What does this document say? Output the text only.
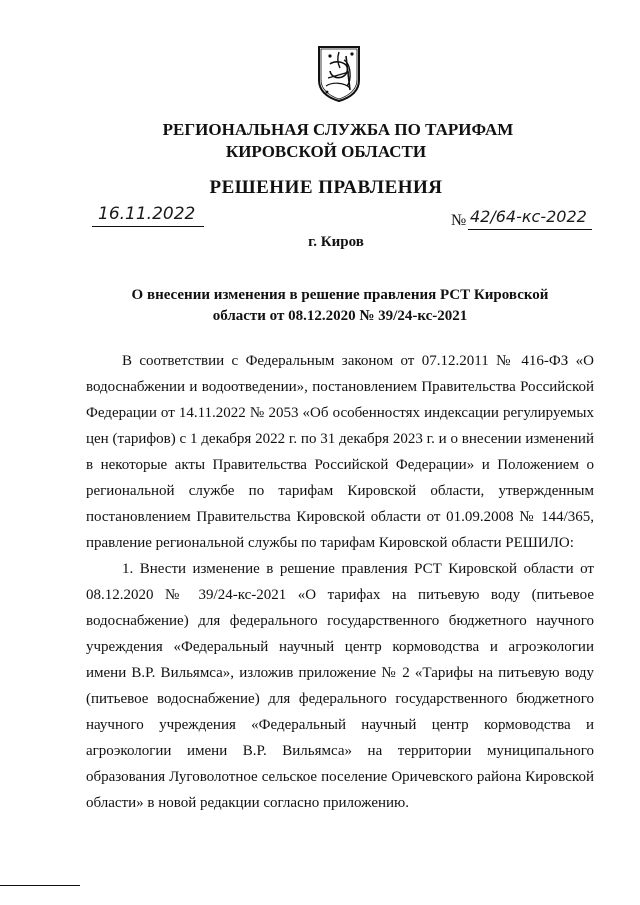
РЕГИОНАЛЬНАЯ СЛУЖБА ПО ТАРИФАМ
КИРОВСКОЙ ОБЛАСТИ
РЕШЕНИЕ ПРАВЛЕНИЯ
16.11.2022	№ 42/64-кс-2022
г. Киров
О внесении изменения в решение правления РСТ Кировской
области от 08.12.2020 № 39/24-кс-2021

В соответствии с Федеральным законом от 07.12.2011 № 416-ФЗ «О водоснабжении и водоотведении», постановлением Правительства Российской Федерации от 14.11.2022 № 2053 «Об особенностях индексации регулируемых цен (тарифов) с 1 декабря 2022 г. по 31 декабря 2023 г. и о внесении изменений в некоторые акты Правительства Российской Федерации» и Положением о региональной службе по тарифам Кировской области, утвержденным постановлением Правительства Кировской области от 01.09.2008 № 144/365, правление региональной службы по тарифам Кировской области РЕШИЛО:

1. Внести изменение в решение правления РСТ Кировской области от 08.12.2020 № 39/24-кс-2021 «О тарифах на питьевую воду (питьевое водоснабжение) для федерального государственного бюджетного научного учреждения «Федеральный научный центр кормоводства и агроэкологии имени В.Р. Вильямса», изложив приложение № 2 «Тарифы на питьевую воду (питьевое водоснабжение) для федерального государственного бюджетного научного учреждения «Федеральный научный центр кормоводства и агроэкологии имени В.Р. Вильямса» на территории муниципального образования Луговолотное сельское поселение Оричевского района Кировской области» в новой редакции согласно приложению.
